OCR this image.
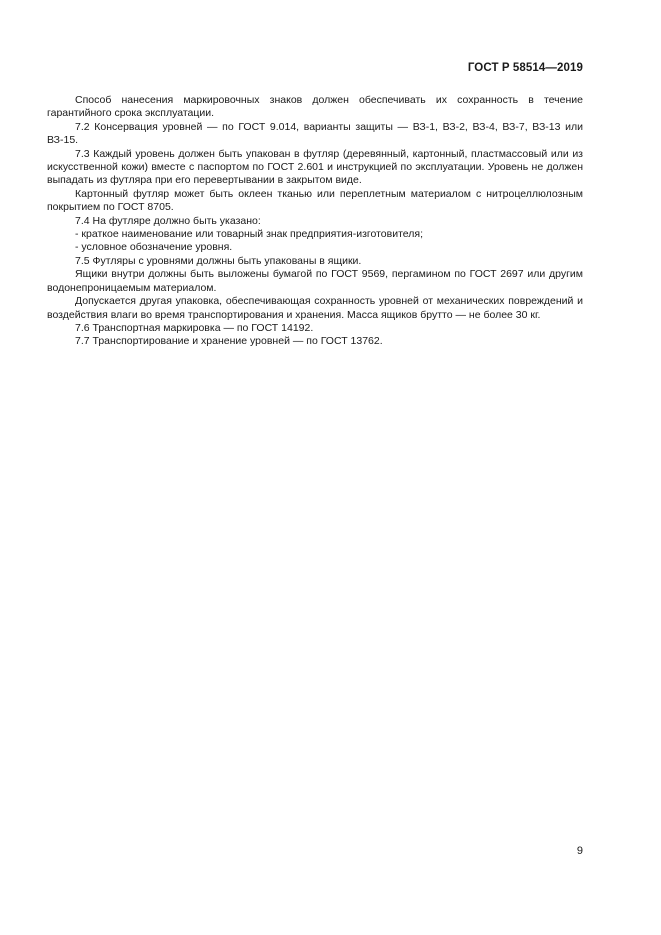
ГОСТ Р 58514—2019

Способ нанесения маркировочных знаков должен обеспечивать их сохранность в течение гарантийного срока эксплуатации.

7.2 Консервация уровней — по ГОСТ 9.014, варианты защиты — ВЗ-1, ВЗ-2, ВЗ-4, ВЗ-7, ВЗ-13 или ВЗ-15.

7.3 Каждый уровень должен быть упакован в футляр (деревянный, картонный, пластмассовый или из искусственной кожи) вместе с паспортом по ГОСТ 2.601 и инструкцией по эксплуатации. Уровень не должен выпадать из футляра при его перевертывании в закрытом виде.

Картонный футляр может быть оклеен тканью или переплетным материалом с нитроцеллюлозным покрытием по ГОСТ 8705.

7.4 На футляре должно быть указано:

- краткое наименование или товарный знак предприятия-изготовителя;

- условное обозначение уровня.

7.5 Футляры с уровнями должны быть упакованы в ящики.

Ящики внутри должны быть выложены бумагой по ГОСТ 9569, пергамином по ГОСТ 2697 или другим водонепроницаемым материалом.

Допускается другая упаковка, обеспечивающая сохранность уровней от механических повреждений и воздействия влаги во время транспортирования и хранения. Масса ящиков брутто — не более 30 кг.

7.6 Транспортная маркировка — по ГОСТ 14192.

7.7 Транспортирование и хранение уровней — по ГОСТ 13762.

9
